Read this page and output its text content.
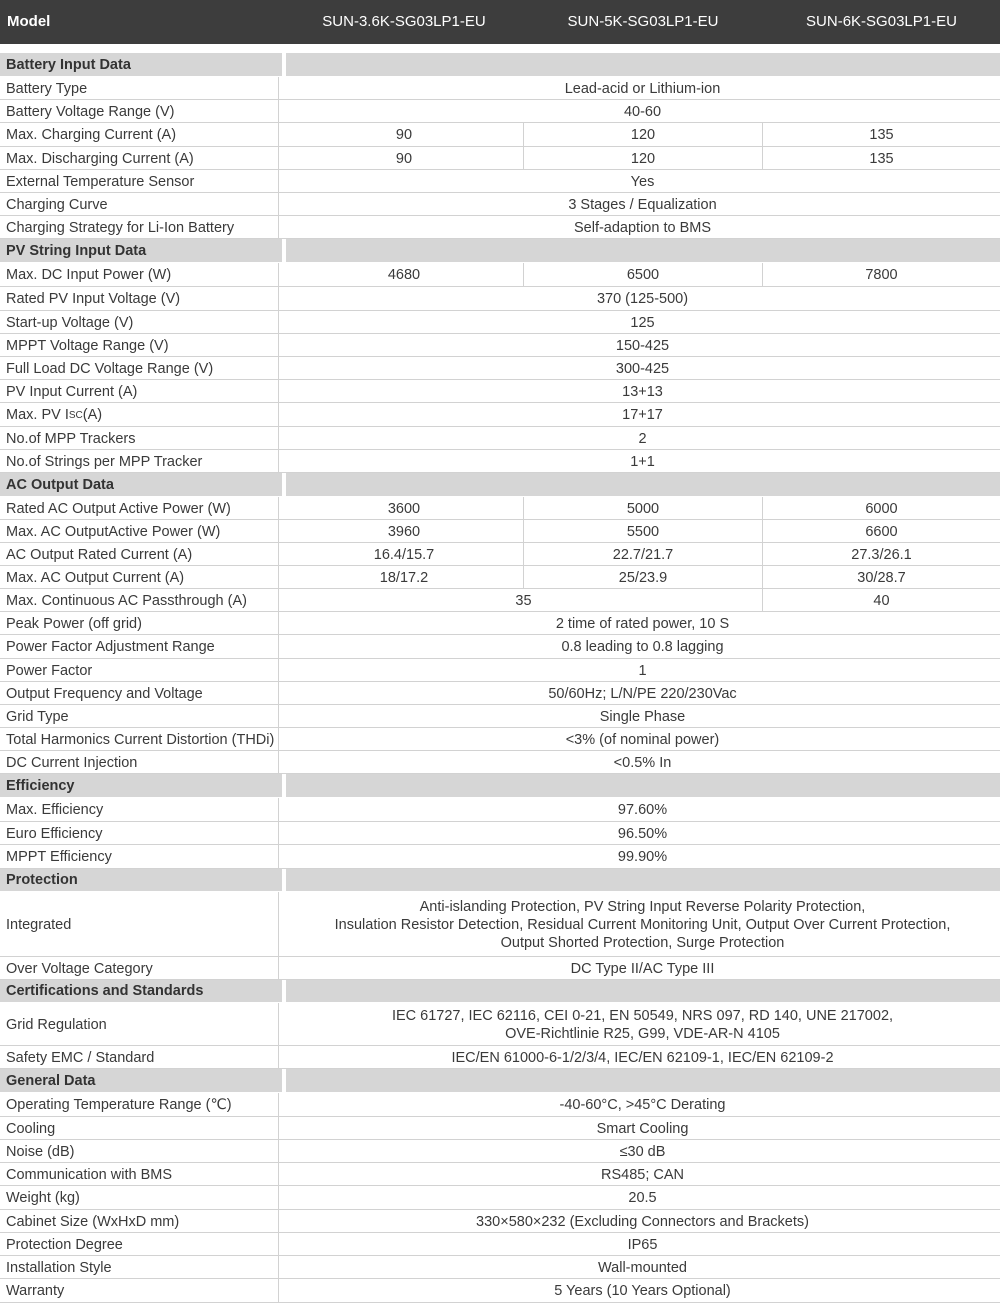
Model	SUN-3.6K-SG03LP1-EU	SUN-5K-SG03LP1-EU	SUN-6K-SG03LP1-EU
Battery Input Data
Battery Type	Lead-acid or Lithium-ion
Battery Voltage Range (V)	40-60
Max. Charging Current (A)	90	120	135
Max. Discharging Current (A)	90	120	135
External Temperature Sensor	Yes
Charging Curve	3 Stages / Equalization
Charging Strategy for Li-Ion Battery	Self-adaption to BMS
PV String Input Data
Max. DC Input Power (W)	4680	6500	7800
Rated PV Input Voltage (V)	370 (125-500)
Start-up Voltage (V)	125
MPPT Voltage Range (V)	150-425
Full Load DC Voltage Range (V)	300-425
PV Input Current (A)	13+13
Max. PV I SC (A)	17+17
No.of MPP Trackers	2
No.of Strings per MPP Tracker	1+1
AC Output Data
Rated AC Output Active Power (W)	3600	5000	6000
Max. AC OutputActive Power (W)	3960	5500	6600
AC Output Rated Current (A)	16.4/15.7	22.7/21.7	27.3/26.1
Max. AC Output Current (A)	18/17.2	25/23.9	30/28.7
Max. Continuous AC Passthrough (A)	35	40
Peak Power (off grid)	2 time of rated power, 10 S
Power Factor Adjustment Range	0.8 leading to 0.8 lagging
Power Factor	1
Output Frequency and Voltage	50/60Hz; L/N/PE 220/230Vac
Grid Type	Single Phase
Total Harmonics Current Distortion (THDi)	<3% (of nominal power)
DC Current Injection	<0.5% In
Efficiency
Max. Efficiency	97.60%
Euro Efficiency	96.50%
MPPT Efficiency	99.90%
Protection
Integrated
Anti-islanding Protection, PV String Input Reverse Polarity Protection,
Insulation Resistor Detection, Residual Current Monitoring Unit, Output Over Current Protection,
Output Shorted Protection, Surge Protection
Over Voltage Category	DC Type II/AC Type III
Certifications and Standards
Grid Regulation
IEC 61727, IEC 62116, CEI 0-21, EN 50549, NRS 097, RD 140, UNE 217002,
OVE-Richtlinie R25, G99, VDE-AR-N 4105
Safety EMC / Standard	IEC/EN 61000-6-1/2/3/4, IEC/EN 62109-1, IEC/EN 62109-2
General Data
Operating Temperature Range (℃)	-40-60°C, >45°C Derating
Cooling	Smart Cooling
Noise (dB)	≤30 dB
Communication with BMS	RS485; CAN
Weight (kg)	20.5
Cabinet Size (WxHxD mm)	330×580×232 (Excluding Connectors and Brackets)
Protection Degree	IP65
Installation Style	Wall-mounted
Warranty	5 Years (10 Years Optional)
